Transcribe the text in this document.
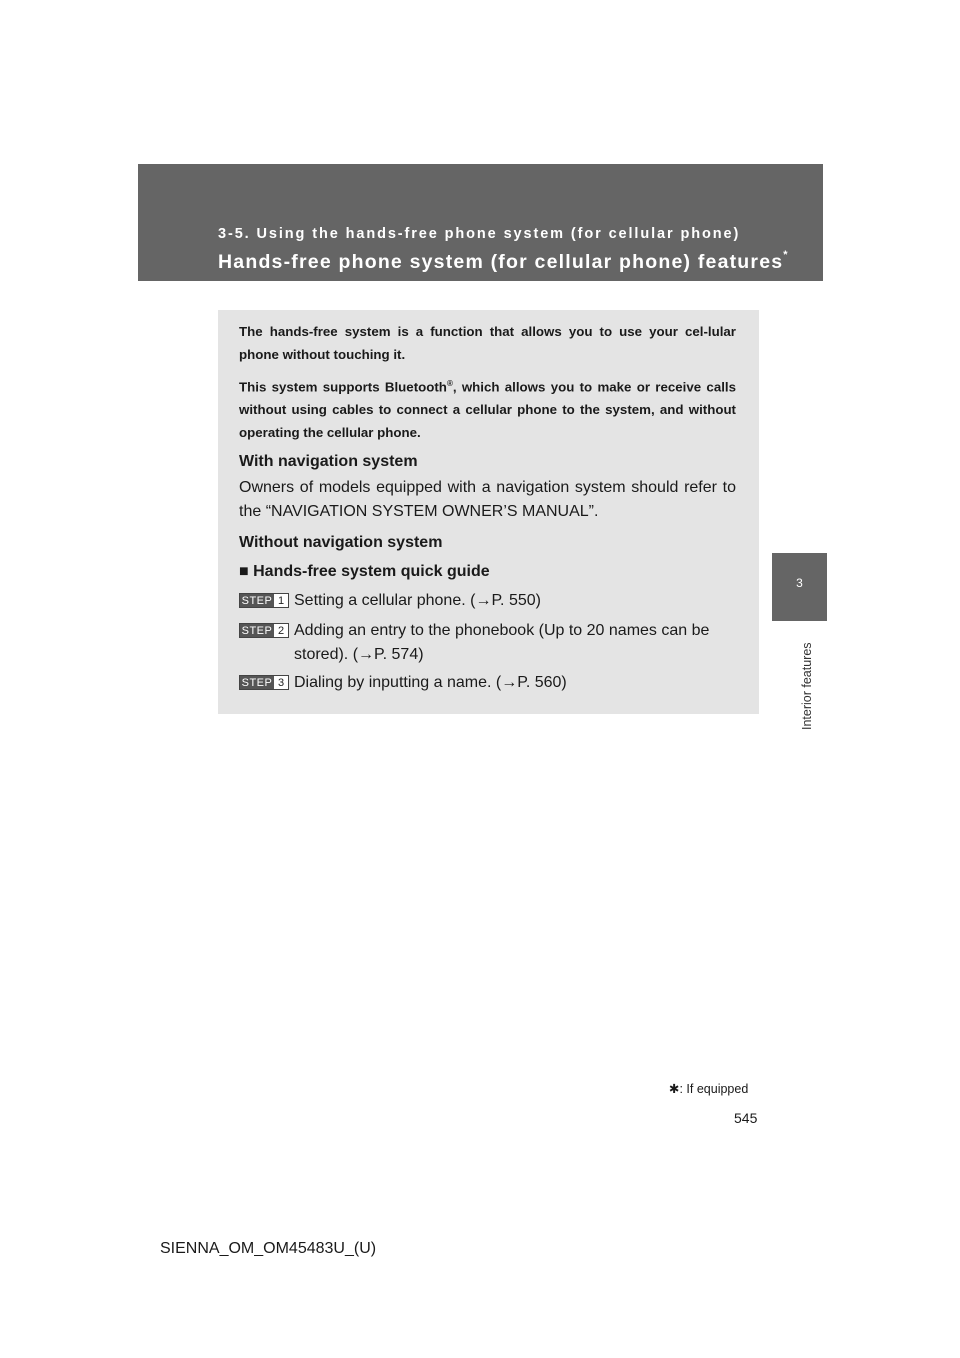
3-5. Using the hands-free phone system (for cellular phone)
Hands-free phone system (for cellular phone) features*
3
Interior features

The hands-free system is a function that allows you to use your cel-lular phone without touching it.

This system supports Bluetooth®, which allows you to make or receive calls without using cables to connect a cellular phone to the system, and without operating the cellular phone.

With navigation system

Owners of models equipped with a navigation system should refer to the “NAVIGATION SYSTEM OWNER’S MANUAL”.

Without navigation system

■ Hands-free system quick guide

STEP 1 Setting a cellular phone. (→P. 550)

STEP 2 Adding an entry to the phonebook (Up to 20 names can be stored). (→P. 574)

STEP 3 Dialing by inputting a name. (→P. 560)

✱: If equipped
545
SIENNA_OM_OM45483U_(U)
